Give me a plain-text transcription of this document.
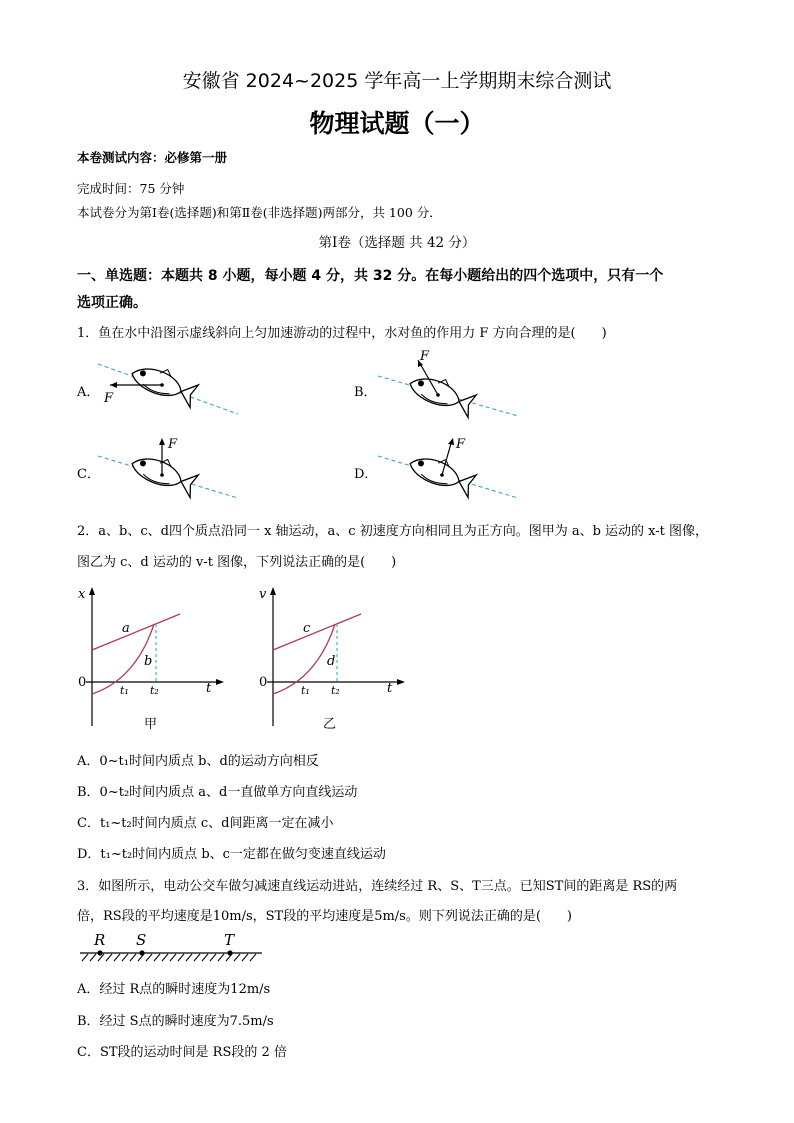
安徽省 2024~2025 学年高一上学期期末综合测试
物理试题（一）
本卷测试内容：必修第一册
完成时间：75 分钟
本试卷分为第Ⅰ卷(选择题)和第Ⅱ卷(非选择题)两部分，共 100 分．
第Ⅰ卷（选择题 共 42 分）
一、单选题：本题共 8 小题，每小题 4 分，共 32 分。在每小题给出的四个选项中，只有一个
选项正确。
1．鱼在水中沿图示虚线斜向上匀加速游动的过程中，水对鱼的作用力 F 方向合理的是(　　)
A． F	B．
F
C．
F
D．
F
2．a、b、c、d四个质点沿同一 x 轴运动，a、c 初速度方向相同且为正方向。图甲为 a、b 运动的 x-t 图像，
图乙为 c、d 运动的 v-t 图像，下列说法正确的是(　　)
x
t
0
a
b
t₁ t₂
甲
v
t
0
c
d
t₁ t₂
乙
A．0~t₁时间内质点 b、d的运动方向相反
B．0~t₂时间内质点 a、d一直做单方向直线运动
C．t₁~t₂时间内质点 c、d间距离一定在减小
D．t₁~t₂时间内质点 b、c一定都在做匀变速直线运动
3．如图所示，电动公交车做匀减速直线运动进站，连续经过 R、S、T三点。已知ST间的距离是 RS的两
倍，RS段的平均速度是10m/s，ST段的平均速度是5m/s。则下列说法正确的是(　　)
R S	T
A．经过 R点的瞬时速度为12m/s
B．经过 S点的瞬时速度为7.5m/s
C．ST段的运动时间是 RS段的 2 倍
